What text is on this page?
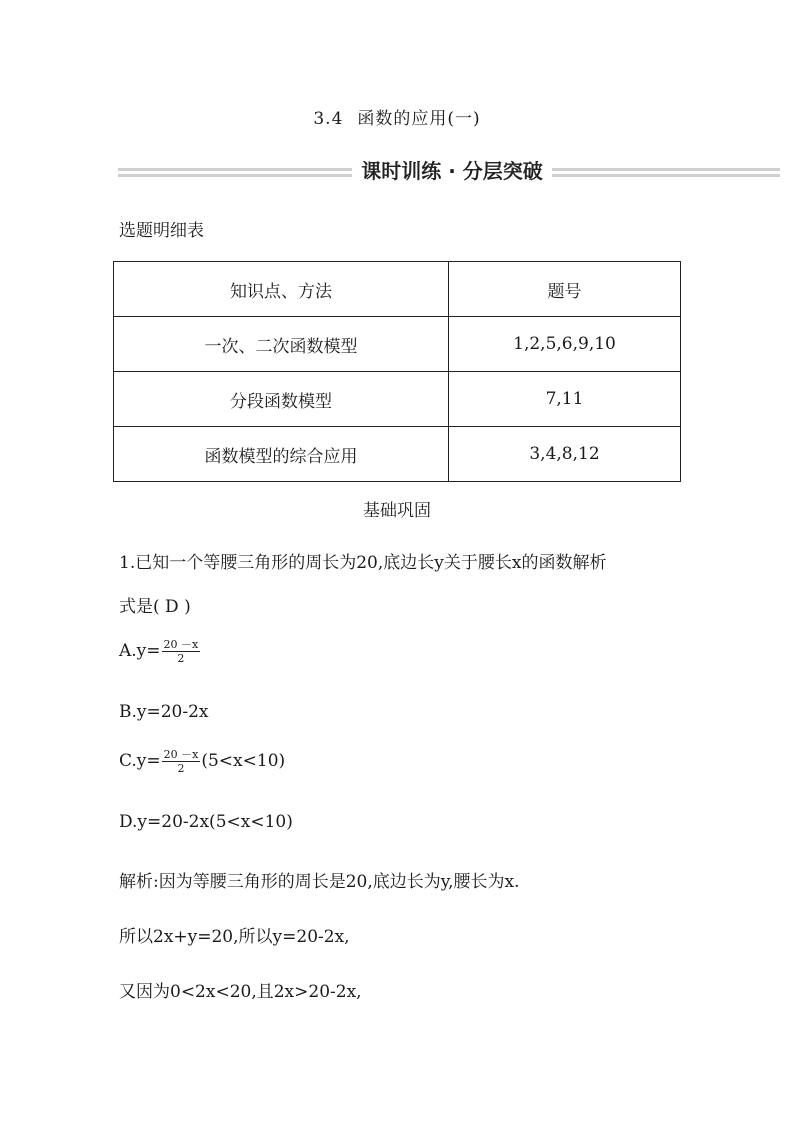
3.4 函数的应用(一)
课时训练 · 分层突破
选题明细表
知识点、方法	题号
一次、二次函数模型	1,2,5,6,9,10
分段函数模型	7,11
函数模型的综合应用	3,4,8,12
基础巩固
1.已知一个等腰三角形的周长为20,底边长y关于腰长x的函数解析
式是( D )
$A.y= \frac{20 -x}{2}$
B.y=20-2x
$C.y= \frac{20 -x}{2} (5<x<10)$
D.y=20-2x(5<x<10)
解析:因为等腰三角形的周长是20,底边长为y,腰长为x.
所以2x+y=20,所以y=20-2x,
又因为0<2x<20,且2x>20-2x,
